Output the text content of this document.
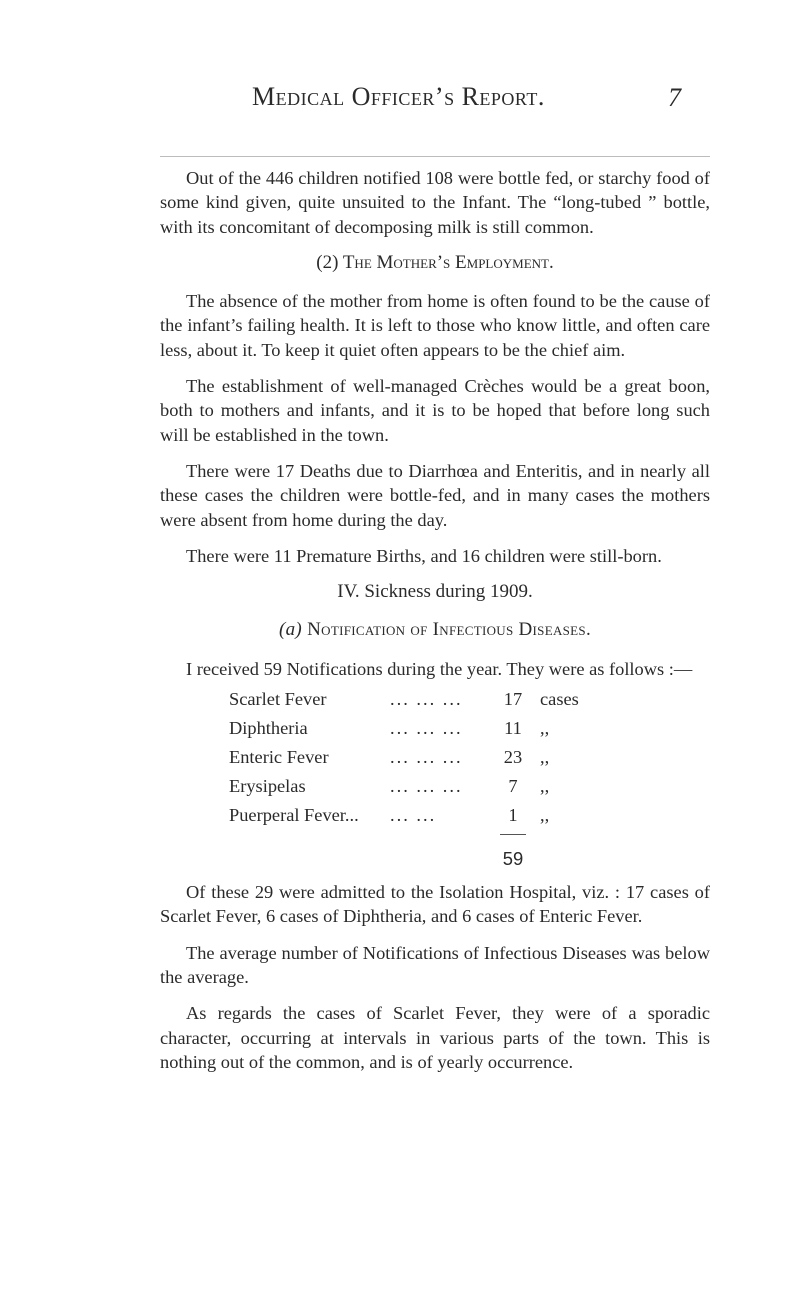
Medical Officer’s Report.	7

Out of the 446 children notified 108 were bottle fed, or starchy food of some kind given, quite unsuited to the Infant. The “long-tubed ” bottle, with its concomitant of decomposing milk is still common.

(2) The Mother’s Employment.

The absence of the mother from home is often found to be the cause of the infant’s failing health. It is left to those who know little, and often care less, about it. To keep it quiet often appears to be the chief aim.

The establishment of well-managed Crèches would be a great boon, both to mothers and infants, and it is to be hoped that before long such will be established in the town.

There were 17 Deaths due to Diarrhœa and Enteritis, and in nearly all these cases the children were bottle-fed, and in many cases the mothers were absent from home during the day.

There were 11 Premature Births, and 16 children were still-born.

IV. Sickness during 1909.
(a) Notification of Infectious Diseases.

I received 59 Notifications during the year. They were as follows :—

Scarlet Fever	... ... ...	17 cases
Diphtheria	... ... ...	11 ,,
Enteric Fever	... ... ...	23 ,,
Erysipelas	... ... ...	7	,,
Puerperal Fever... ... ...	1	,,
59

Of these 29 were admitted to the Isolation Hospital, viz. : 17 cases of Scarlet Fever, 6 cases of Diphtheria, and 6 cases of Enteric Fever.

The average number of Notifications of Infectious Diseases was below the average.

As regards the cases of Scarlet Fever, they were of a sporadic character, occurring at intervals in various parts of the town. This is nothing out of the common, and is of yearly occurrence.
